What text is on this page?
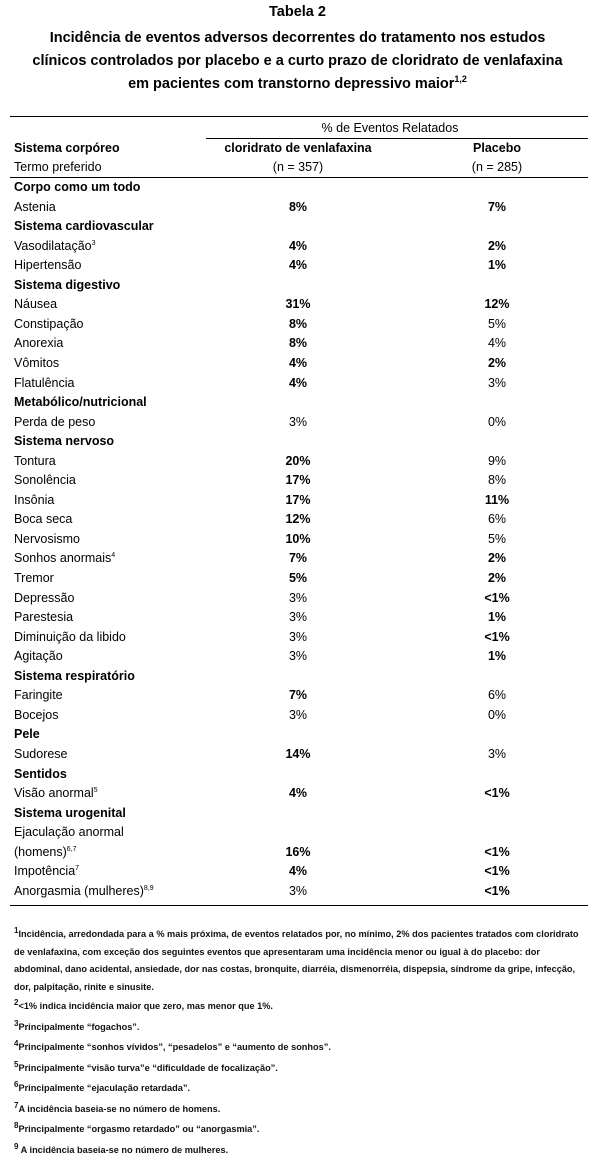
Tabela 2
Incidência de eventos adversos decorrentes do tratamento nos estudos
clínicos controlados por placebo e a curto prazo de cloridrato de venlafaxina
em pacientes com transtorno depressivo maior$^{1,2}$
% de Eventos Relatados
Sistema corpóreo	cloridrato de venlafaxina	Placebo
Termo preferido	(n = 357)	(n = 285)
Corpo como um todo
Astenia	8%	7%
Sistema cardiovascular
Vasodilatação$^3$	4%	2%
Hipertensão	4%	1%
Sistema digestivo
Náusea	31%	12%
Constipação	8%	5%
Anorexia	8%	4%
Vômitos	4%	2%
Flatulência	4%	3%
Metabólico/nutricional
Perda de peso	3%	0%
Sistema nervoso
Tontura	20%	9%
Sonolência	17%	8%
Insônia	17%	11%
Boca seca	12%	6%
Nervosismo	10%	5%
Sonhos anormais$^4$	7%	2%
Tremor	5%	2%
Depressão	3%	<1%
Parestesia	3%	1%
Diminuição da libido	3%	<1%
Agitação	3%	1%
Sistema respiratório
Faringite	7%	6%
Bocejos	3%	0%
Pele
Sudorese	14%	3%
Sentidos
Visão anormal$^5$	4%	<1%
Sistema urogenital
Ejaculação anormal
(homens)$^{6,7}$	16%	<1%
Impotência$^7$	4%	<1%
Anorgasmia (mulheres)$^{8,9}$	3%	<1%
1Incidência, arredondada para a % mais próxima, de eventos relatados por, no mínimo, 2% dos pacientes tratados com cloridrato de venlafaxina, com exceção dos seguintes eventos que apresentaram uma incidência menor ou igual à do placebo: dor abdominal, dano acidental, ansiedade, dor nas costas, bronquite, diarréia, dismenorréia, dispepsia, síndrome da gripe, infecção, dor, palpitação, rinite e sinusite.
2<1% indica incidência maior que zero, mas menor que 1%.
3Principalmente “fogachos”.
4Principalmente “sonhos vívidos”, “pesadelos” e “aumento de sonhos”.
5Principalmente “visão turva”e “dificuldade de focalização”.
6Principalmente “ejaculação retardada”.
7A incidência baseia-se no número de homens.
8Principalmente “orgasmo retardado” ou “anorgasmia”.
9 A incidência baseia-se no número de mulheres.
